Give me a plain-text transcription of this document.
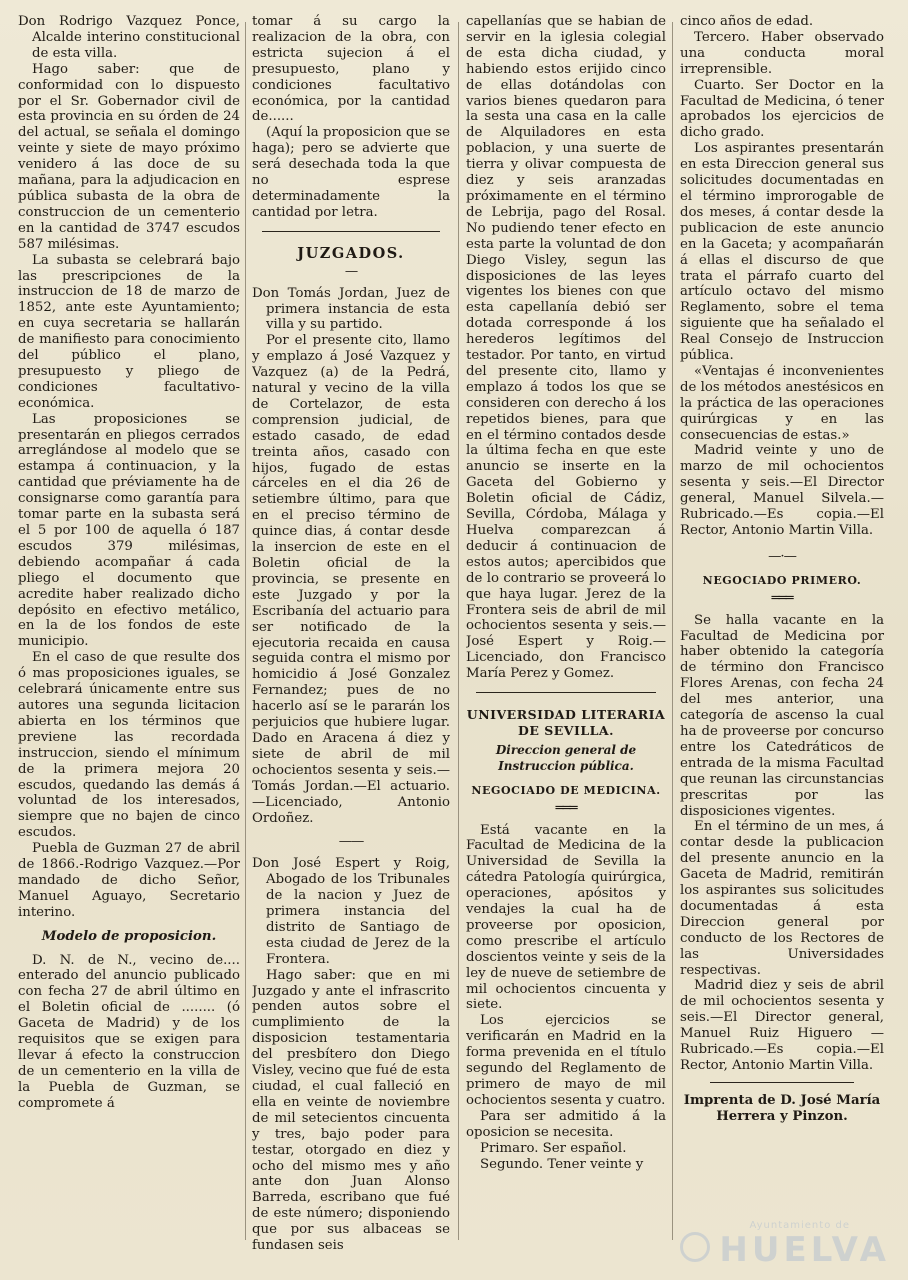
Don Rodrigo Vazquez Ponce, Alcalde interino constitucional de esta villa.

Hago saber: que de conformidad con lo dispuesto por el Sr. Gobernador civil de esta provincia en su órden de 24 del actual, se señala el domingo veinte y siete de mayo próximo venidero á las doce de su mañana, para la adjudicacion en pública subasta de la obra de construccion de un cementerio en la cantidad de 3747 escudos 587 milésimas.

La subasta se celebrará bajo las prescripciones de la instruccion de 18 de marzo de 1852, ante este Ayuntamiento; en cuya secretaria se hallarán de manifiesto para conocimiento del público el plano, presupuesto y pliego de condiciones facultativo-económica.

Las proposiciones se presentarán en pliegos cerrados arreglándose al modelo que se estampa á continuacion, y la cantidad que préviamente ha de consignarse como garantía para tomar parte en la subasta será el 5 por 100 de aquella ó 187 escudos 379 milésimas, debiendo acompañar á cada pliego el documento que acredite haber realizado dicho depósito en efectivo metálico, en la de los fondos de este municipio.

En el caso de que resulte dos ó mas proposiciones iguales, se celebrará únicamente entre sus autores una segunda licitacion abierta en los términos que previene las recordada instruccion, siendo el mínimum de la primera mejora 20 escudos, quedando las demás á voluntad de los interesados, siempre que no bajen de cinco escudos.

Puebla de Guzman 27 de abril de 1866.-Rodrigo Vazquez.—Por mandado de dicho Señor, Manuel Aguayo, Secretario interino.

Modelo de proposicion.

D. N. de N., vecino de.... enterado del anuncio publicado con fecha 27 de abril último en el Boletin oficial de ........ (ó Gaceta de Madrid) y de los requisitos que se exigen para llevar á efecto la construccion de un cementerio en la villa de la Puebla de Guzman, se compromete á

tomar á su cargo la realizacion de la obra, con estricta sujecion á el presupuesto, plano y condiciones facultativo económica, por la cantidad de......

(Aquí la proposicion que se haga); pero se advierte que será desechada toda la que no esprese determinadamente la cantidad por letra.

JUZGADOS.
—

Don Tomás Jordan, Juez de primera instancia de esta villa y su partido.

Por el presente cito, llamo y emplazo á José Vazquez y Vazquez (a) de la Pedrá, natural y vecino de la villa de Cortelazor, de esta comprension judicial, de estado casado, de edad treinta años, casado con hijos, fugado de estas cárceles en el dia 26 de setiembre último, para que en el preciso término de quince dias, á contar desde la insercion de este en el Boletin oficial de la provincia, se presente en este Juzgado y por la Escribanía del actuario para ser notificado de la ejecutoria recaida en causa seguida contra el mismo por homicidio á José Gonzalez Fernandez; pues de no hacerlo así se le pararán los perjuicios que hubiere lugar. Dado en Aracena á diez y siete de abril de mil ochocientos sesenta y seis.—Tomás Jordan.—El actuario. —Licenciado, Antonio Ordoñez.

——

Don José Espert y Roig, Abogado de los Tribunales de la nacion y Juez de primera instancia del distrito de Santiago de esta ciudad de Jerez de la Frontera.

Hago saber: que en mi Juzgado y ante el infrascrito penden autos sobre el cumplimiento de la disposicion testamentaria del presbítero don Diego Visley, vecino que fué de esta ciudad, el cual falleció en ella en veinte de noviembre de mil setecientos cincuenta y tres, bajo poder para testar, otorgado en diez y ocho del mismo mes y año ante don Juan Alonso Barreda, escribano que fué de este número; disponiendo que por sus albaceas se fundasen seis

capellanías que se habian de servir en la iglesia colegial de esta dicha ciudad, y habiendo estos erijido cinco de ellas dotándolas con varios bienes quedaron para la sesta una casa en la calle de Alquiladores en esta poblacion, y una suerte de tierra y olivar compuesta de diez y seis aranzadas próximamente en el término de Lebrija, pago del Rosal. No pudiendo tener efecto en esta parte la voluntad de don Diego Visley, segun las disposiciones de las leyes vigentes los bienes con que esta capellanía debió ser dotada corresponde á los herederos legítimos del testador. Por tanto, en virtud del presente cito, llamo y emplazo á todos los que se consideren con derecho á los repetidos bienes, para que en el término contados desde la última fecha en que este anuncio se inserte en la Gaceta del Gobierno y Boletin oficial de Cádiz, Sevilla, Córdoba, Málaga y Huelva comparezcan á deducir á continuacion de estos autos; apercibidos que de lo contrario se proveerá lo que haya lugar. Jerez de la Frontera seis de abril de mil ochocientos sesenta y seis.—José Espert y Roig.—Licenciado, don Francisco María Perez y Gomez.

UNIVERSIDAD LITERARIA DE SEVILLA.
Direccion general de Instruccion pública.
NEGOCIADO DE MEDICINA.
═══

Está vacante en la Facultad de Medicina de la Universidad de Sevilla la cátedra Patología quirúrgica, operaciones, apósitos y vendajes la cual ha de proveerse por oposicion, como prescribe el artículo doscientos veinte y seis de la ley de nueve de setiembre de mil ochocientos cincuenta y siete.

Los ejercicios se verificarán en Madrid en la forma prevenida en el título segundo del Reglamento de primero de mayo de mil ochocientos sesenta y cuatro.

Para ser admitido á la oposicion se necesita.

Primaro. Ser español.

Segundo. Tener veinte y

cinco años de edad.

Tercero. Haber observado una conducta moral irreprensible.

Cuarto. Ser Doctor en la Facultad de Medicina, ó tener aprobados los ejercicios de dicho grado.

Los aspirantes presentarán en esta Direccion general sus solicitudes documentadas en el término improrogable de dos meses, á contar desde la publicacion de este anuncio en la Gaceta; y acompañarán á ellas el discurso de que trata el párrafo cuarto del artículo octavo del mismo Reglamento, sobre el tema siguiente que ha señalado el Real Consejo de Instruccion pública.

«Ventajas é inconvenientes de los métodos anestésicos en la práctica de las operaciones quirúrgicas y en las consecuencias de estas.»

Madrid veinte y uno de marzo de mil ochocientos sesenta y seis.—El Director general, Manuel Silvela.—Rubricado.—Es copia.—El Rector, Antonio Martin Villa.

—·—
NEGOCIADO PRIMERO.
═══

Se halla vacante en la Facultad de Medicina por haber obtenido la categoría de término don Francisco Flores Arenas, con fecha 24 del mes anterior, una categoría de ascenso la cual ha de proveerse por concurso entre los Catedráticos de entrada de la misma Facultad que reunan las circunstancias prescritas por las disposiciones vigentes.

En el término de un mes, á contar desde la publicacion del presente anuncio en la Gaceta de Madrid, remitirán los aspirantes sus solicitudes documentadas á esta Direccion general por conducto de los Rectores de las Universidades respectivas.

Madrid diez y seis de abril de mil ochocientos sesenta y seis.—El Director general, Manuel Ruiz Higuero —Rubricado.—Es copia.—El Rector, Antonio Martin Villa.

Imprenta de D. José María Herrera y Pinzon.
Ayuntamiento de
HUELVA
